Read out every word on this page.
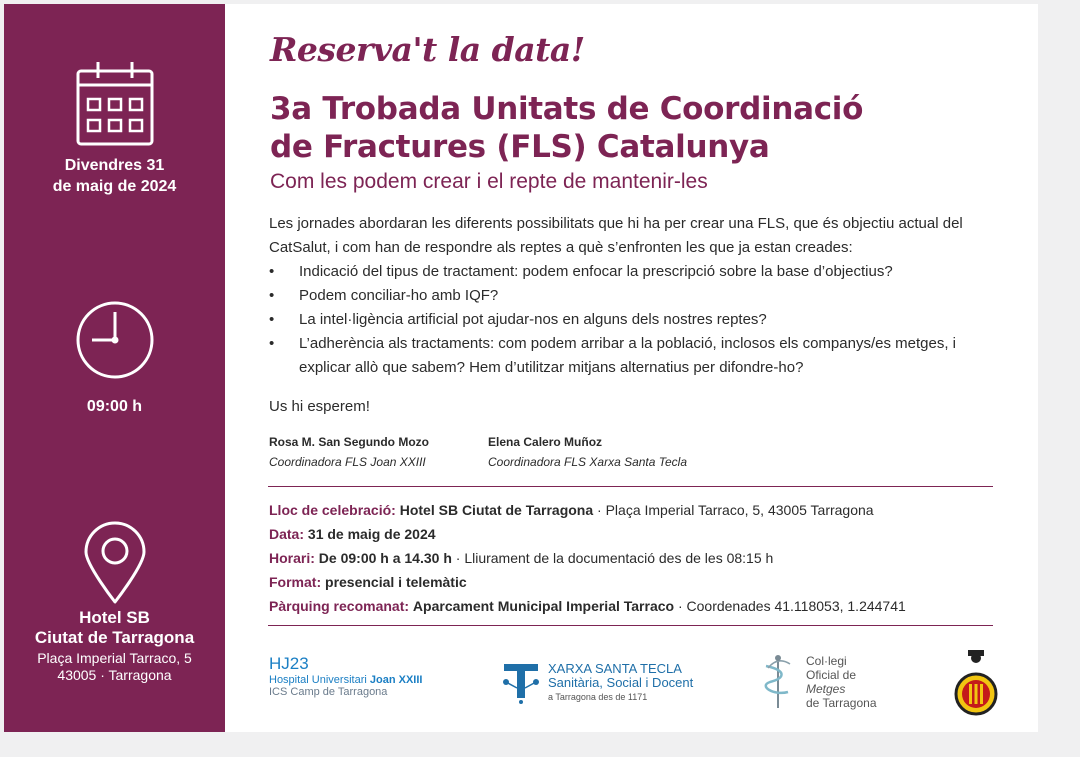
Divendres 31
de maig de 2024
09:00 h
Hotel SB
Ciutat de Tarragona
Plaça Imperial Tarraco, 5
43005 · Tarragona
Reserva't la data!
3a Trobada Unitats de Coordinació
de Fractures (FLS) Catalunya
Com les podem crear i el repte de mantenir-les

Les jornades abordaran les diferents possibilitats que hi ha per crear una FLS, que és objectiu actual del CatSalut, i com han de respondre als reptes a què s’enfronten les que ja estan creades:

• Indicació del tipus de tractament: podem enfocar la prescripció sobre la base d’objectius?
• Podem conciliar-ho amb IQF?
• La intel·ligència artificial pot ajudar-nos en alguns dels nostres reptes?
• L’adherència als tractaments: com podem arribar a la població, inclosos els companys/es metges, i explicar allò que sabem? Hem d’utilitzar mitjans alternatius per difondre-ho?
Us hi esperem!
Rosa M. San Segundo Mozo
Coordinadora FLS Joan XXIII
Elena Calero Muñoz
Coordinadora FLS Xarxa Santa Tecla
Lloc de celebració: Hotel SB Ciutat de Tarragona · Plaça Imperial Tarraco, 5, 43005 Tarragona
Data: 31 de maig de 2024
Horari: De 09:00 h a 14.30 h · Lliurament de la documentació des de les 08:15 h
Format: presencial i telemàtic
Pàrquing recomanat: Aparcament Municipal Imperial Tarraco · Coordenades 41.118053, 1.244741
HJ23
Hospital Universitari Joan XXIII
ICS Camp de Tarragona
XARXA SANTA TECLA
Sanitària, Social i Docent
a Tarragona des de 1171
Col·legi
Oficial de
Metges
de Tarragona
